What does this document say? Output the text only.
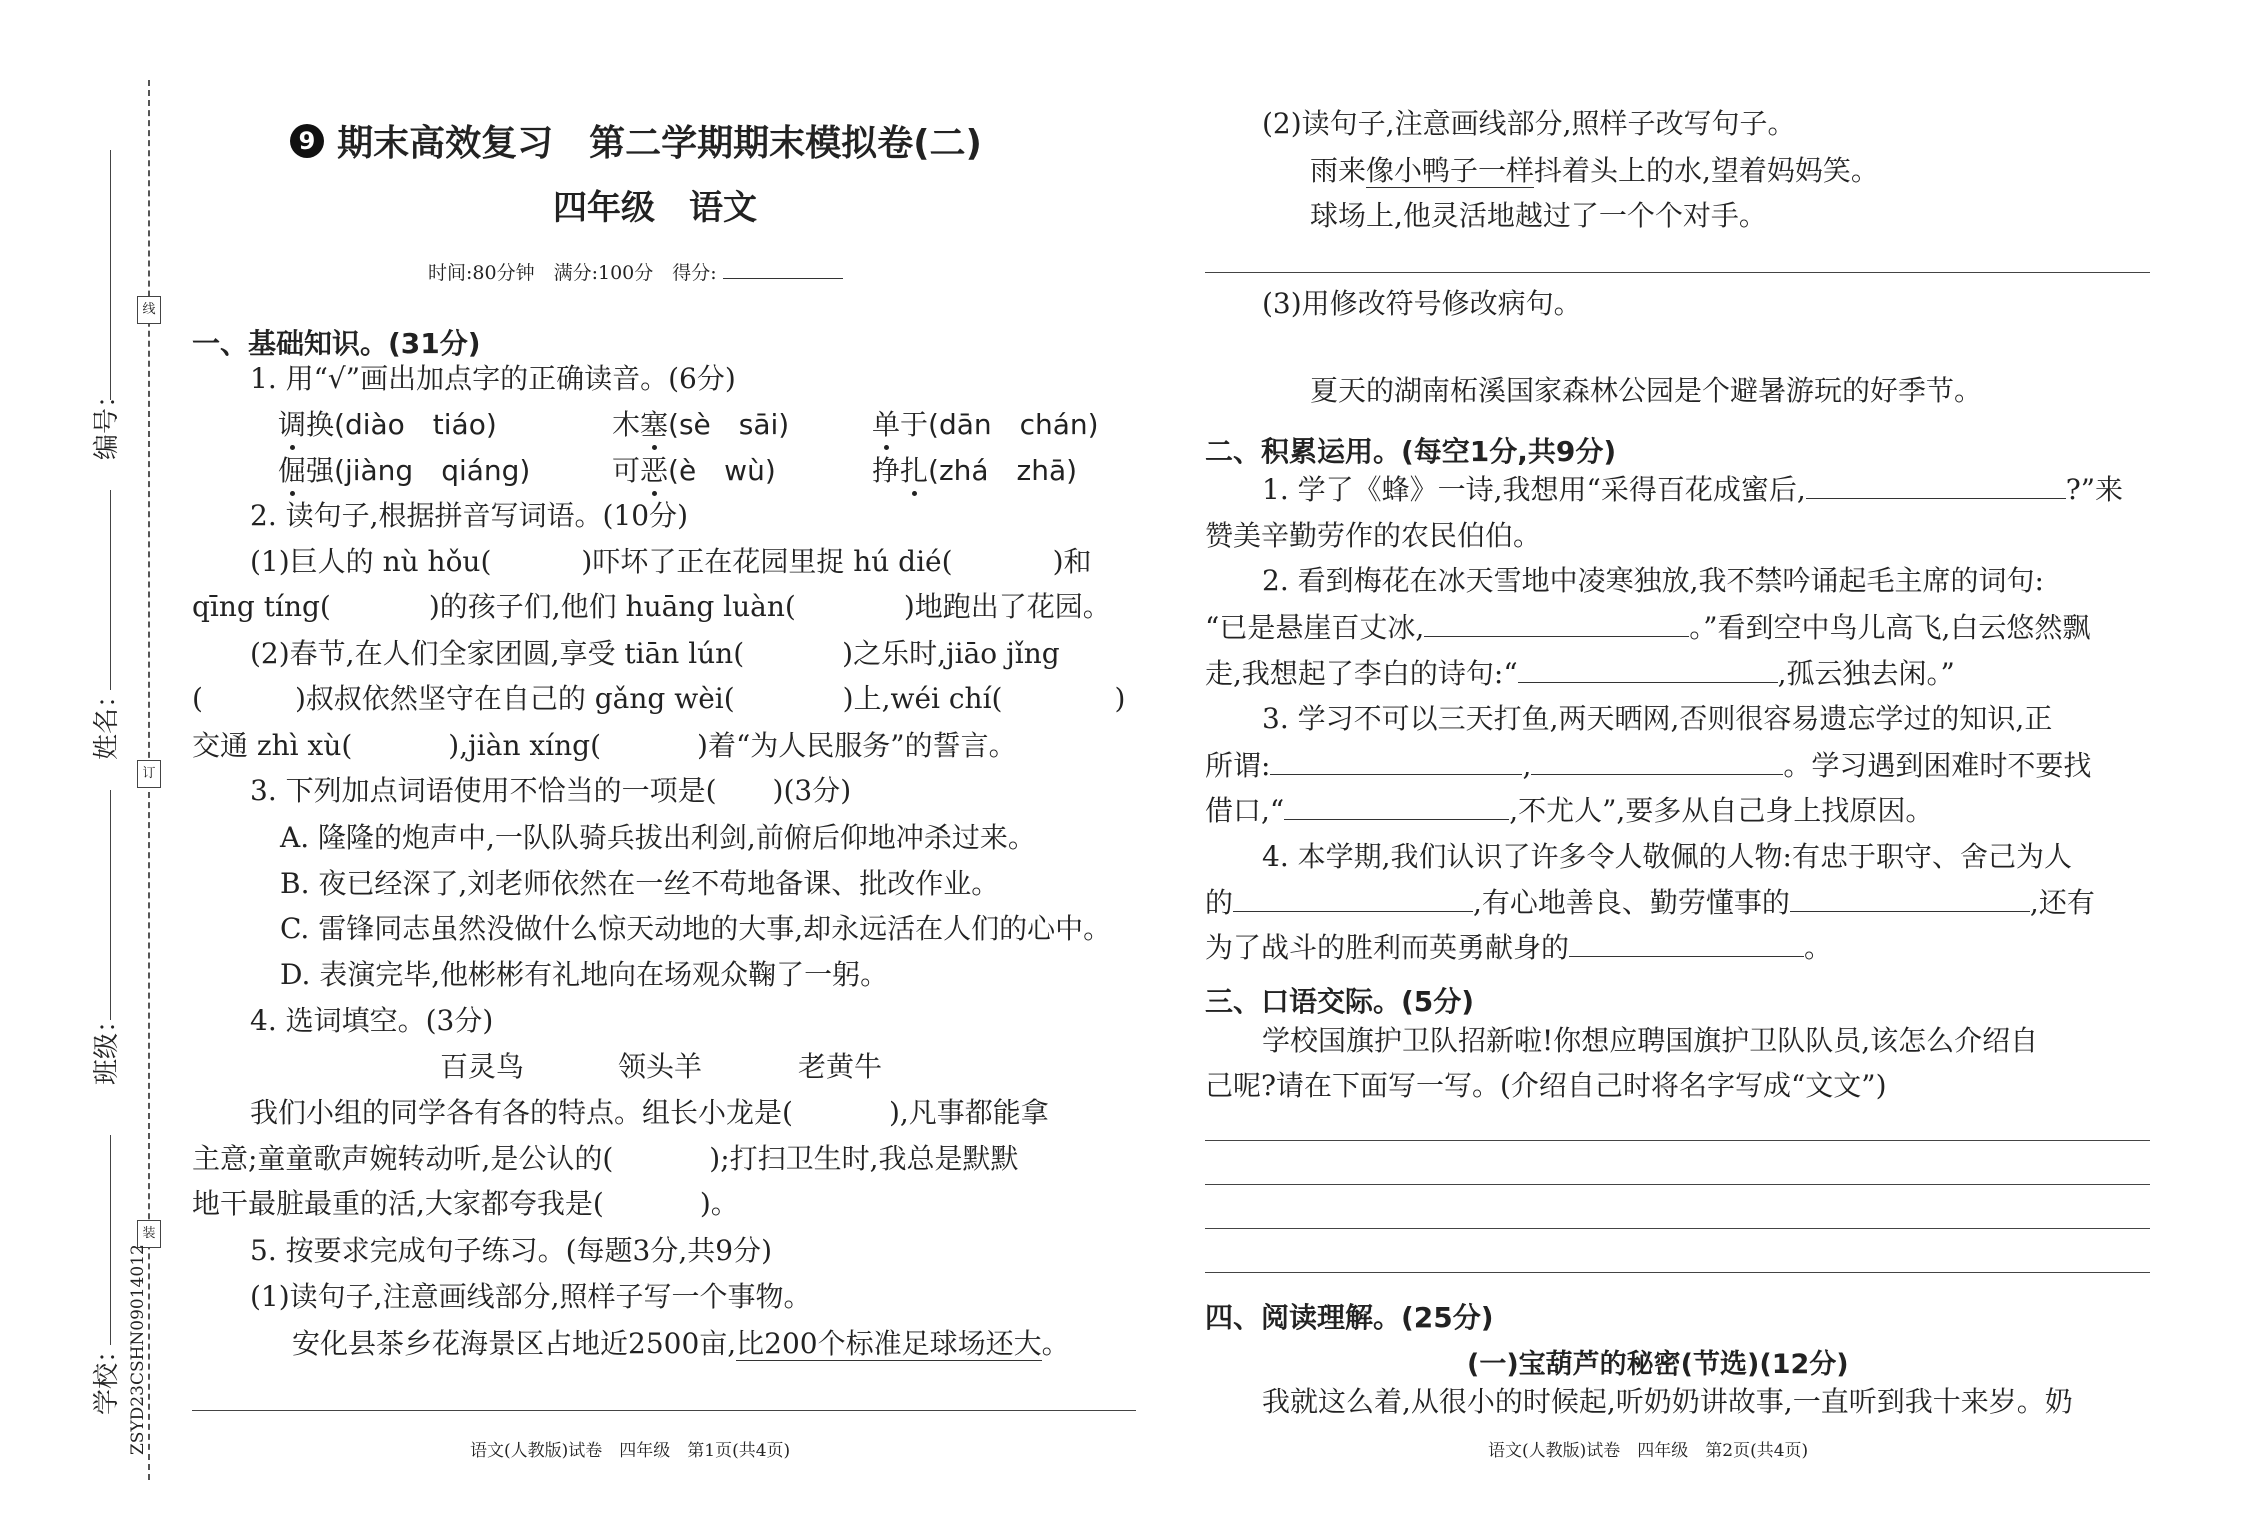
线
订
装
编号：
姓名：
班级：
学校： ZSYD23CSHN09014012
9 期末高效复习　第二学期期末模拟卷(二)
四年级　语文
时间:80分钟　满分:100分　得分:
一、基础知识。(31分)
1. 用“√”画出加点字的正确读音。(6分)
调换(diào　tiáo)	木塞(sè　sāi)	单于(dān　chán)
倔强(jiàng　qiáng)	可恶(è　wù)	挣扎(zhá　zhā)
2. 读句子,根据拼音写词语。(10分)
(1)巨人的 nù hǒu(	)吓坏了正在花园里捉 hú dié(	)和
qīng tíng(	)的孩子们,他们 huāng luàn(	)地跑出了花园。
(2)春节,在人们全家团圆,享受 tiān lún(	)之乐时,jiāo jǐng
(	)叔叔依然坚守在自己的 gǎng wèi(	)上,wéi chí(	)
交通 zhì xù(	),jiàn xíng(	)着“为人民服务”的誓言。
3. 下列加点词语使用不恰当的一项是(　　)(3分)
A. 隆隆的炮声中,一队队骑兵拔出利剑,前俯后仰地冲杀过来。
B. 夜已经深了,刘老师依然在一丝不苟地备课、批改作业。
C. 雷锋同志虽然没做什么惊天动地的大事,却永远活在人们的心中。
D. 表演完毕,他彬彬有礼地向在场观众鞠了一躬。
4. 选词填空。(3分)
百灵鸟	领头羊	老黄牛
我们小组的同学各有各的特点。组长小龙是(	),凡事都能拿
主意;童童歌声婉转动听,是公认的(	);打扫卫生时,我总是默默
地干最脏最重的活,大家都夸我是(	)。
5. 按要求完成句子练习。(每题3分,共9分)
(1)读句子,注意画线部分,照样子写一个事物。
安化县茶乡花海景区占地近2500亩,比200个标准足球场还大。
语文(人教版)试卷　四年级　第1页(共4页)
(2)读句子,注意画线部分,照样子改写句子。
雨来像小鸭子一样抖着头上的水,望着妈妈笑。
球场上,他灵活地越过了一个个对手。
(3)用修改符号修改病句。
夏天的湖南柘溪国家森林公园是个避暑游玩的好季节。
二、积累运用。(每空1分,共9分)
1. 学了《蜂》一诗,我想用“采得百花成蜜后,	?”来
赞美辛勤劳作的农民伯伯。
2. 看到梅花在冰天雪地中凌寒独放,我不禁吟诵起毛主席的词句:
“已是悬崖百丈冰,	。”看到空中鸟儿高飞,白云悠然飘
走,我想起了李白的诗句:“	,孤云独去闲。”
3. 学习不可以三天打鱼,两天晒网,否则很容易遗忘学过的知识,正
所谓:	,	。学习遇到困难时不要找
借口,“	,不尤人”,要多从自己身上找原因。
4. 本学期,我们认识了许多令人敬佩的人物:有忠于职守、舍己为人
的	,有心地善良、勤劳懂事的	,还有
为了战斗的胜利而英勇献身的	。
三、口语交际。(5分)
学校国旗护卫队招新啦!你想应聘国旗护卫队队员,该怎么介绍自
己呢?请在下面写一写。(介绍自己时将名字写成“文文”)
四、阅读理解。(25分)
(一)宝葫芦的秘密(节选)(12分)
我就这么着,从很小的时候起,听奶奶讲故事,一直听到我十来岁。奶
语文(人教版)试卷　四年级　第2页(共4页)
